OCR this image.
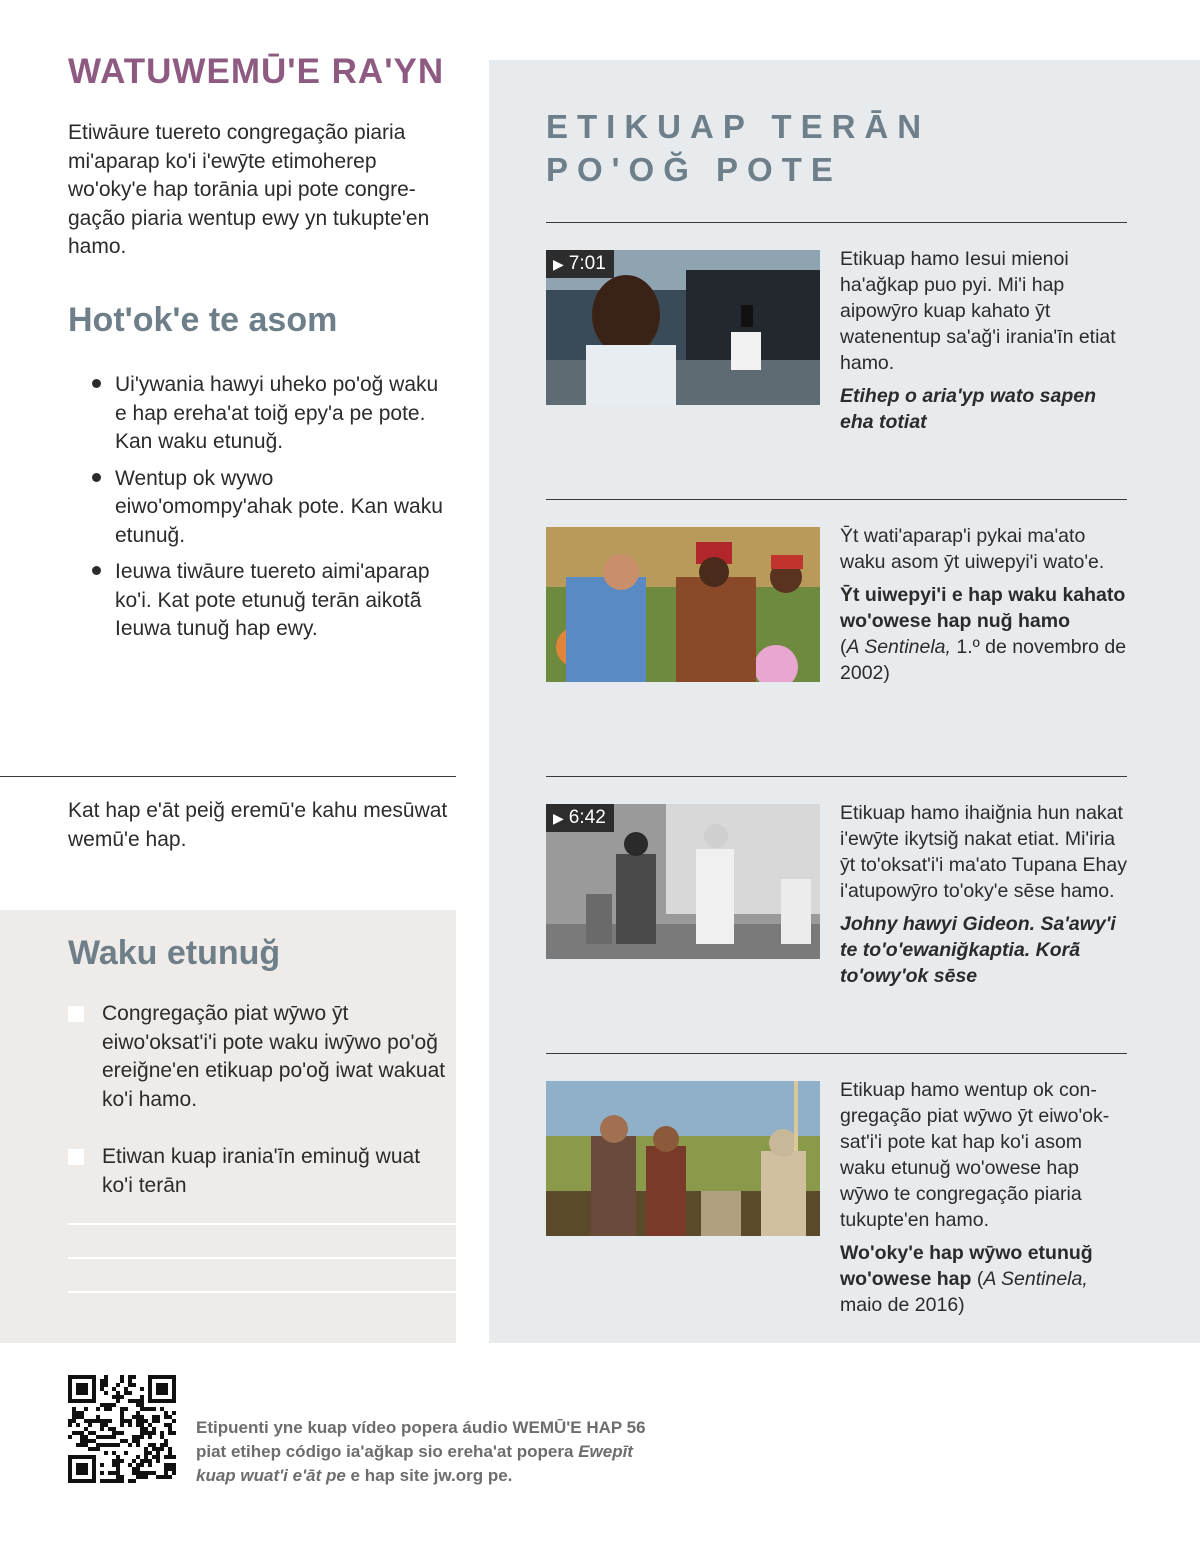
WATUWEMŪ'E RA'YN

Etiwāure tuereto congregação piaria mi'aparap ko'i i'ewȳte etimoherep wo'oky'e hap torānia upi pote congregação piaria wentup ewy yn tukupte'en hamo.

Hot'ok'e te asom
Ui'ywania hawyi uheko po'oğ waku e hap ereha'at toiğ epy'a pe pote. Kan waku etunuğ.
Wentup ok wywo eiwo'omompy'ahak pote. Kan waku etunuğ.
Ieuwa tiwāure tuereto aimi'aparap ko'i. Kat pote etunuğ terān aikotā̃ Ieuwa tunuğ hap ewy.

Kat hap e'āt peiğ eremū'e kahu mesūwat wemū'e hap.

Waku etunuğ
Congregação piat wȳwo ȳt eiwo'oksat'i'i pote waku iwȳwo po'oğ ereiğne'en etikuap po'oğ iwat wakuat ko'i hamo.
Etiwan kuap irania'īn eminuğ wuat ko'i terān
ETIKUAP TERĀN
PO'OĞ POTE
▶ 7:01	Etikuap hamo Iesui mienoi ha'ağkap puo pyi. Mi'i hap aipowȳro kuap kahato ȳt watenentup sa'ağ'i irania'īn etiat hamo.

Etihep o aria'yp wato sapen eha totiat

Ȳt wati'aparap'i pykai ma'ato waku asom ȳt uiwepyi'i wato'e.

Ȳt uiwepyi'i e hap waku kahato wo'owese hap nuğ hamo
(A Sentinela, 1.º de novembro de 2002)

▶ 6:42	Etikuap hamo ihaiğnia hun nakat i'ewȳte ikytsiğ nakat etiat. Mi'iria ȳt to'oksat'i'i ma'ato Tupana Ehay i'atupowȳro to'oky'e sēse hamo.

Johny hawyi Gideon. Sa'awy'i te to'o'ewaniğkaptia. Korā̃ to'owy'ok sēse

Etikuap hamo wentup ok congregação piat wȳwo ȳt eiwo'oksat'i'i pote kat hap ko'i asom waku etunuğ wo'owese hap wȳwo te congregação piaria tukupte'en hamo.

Wo'oky'e hap wȳwo etunuğ wo'owese hap (A Sentinela,
maio de 2016)

Etipuenti yne kuap vídeo popera áudio WEMŪ'E HAP 56 piat etihep código ia'ağkap sio ereha'at popera Ewepīt kuap wuat'i e'āt pe e hap site jw.org pe.
